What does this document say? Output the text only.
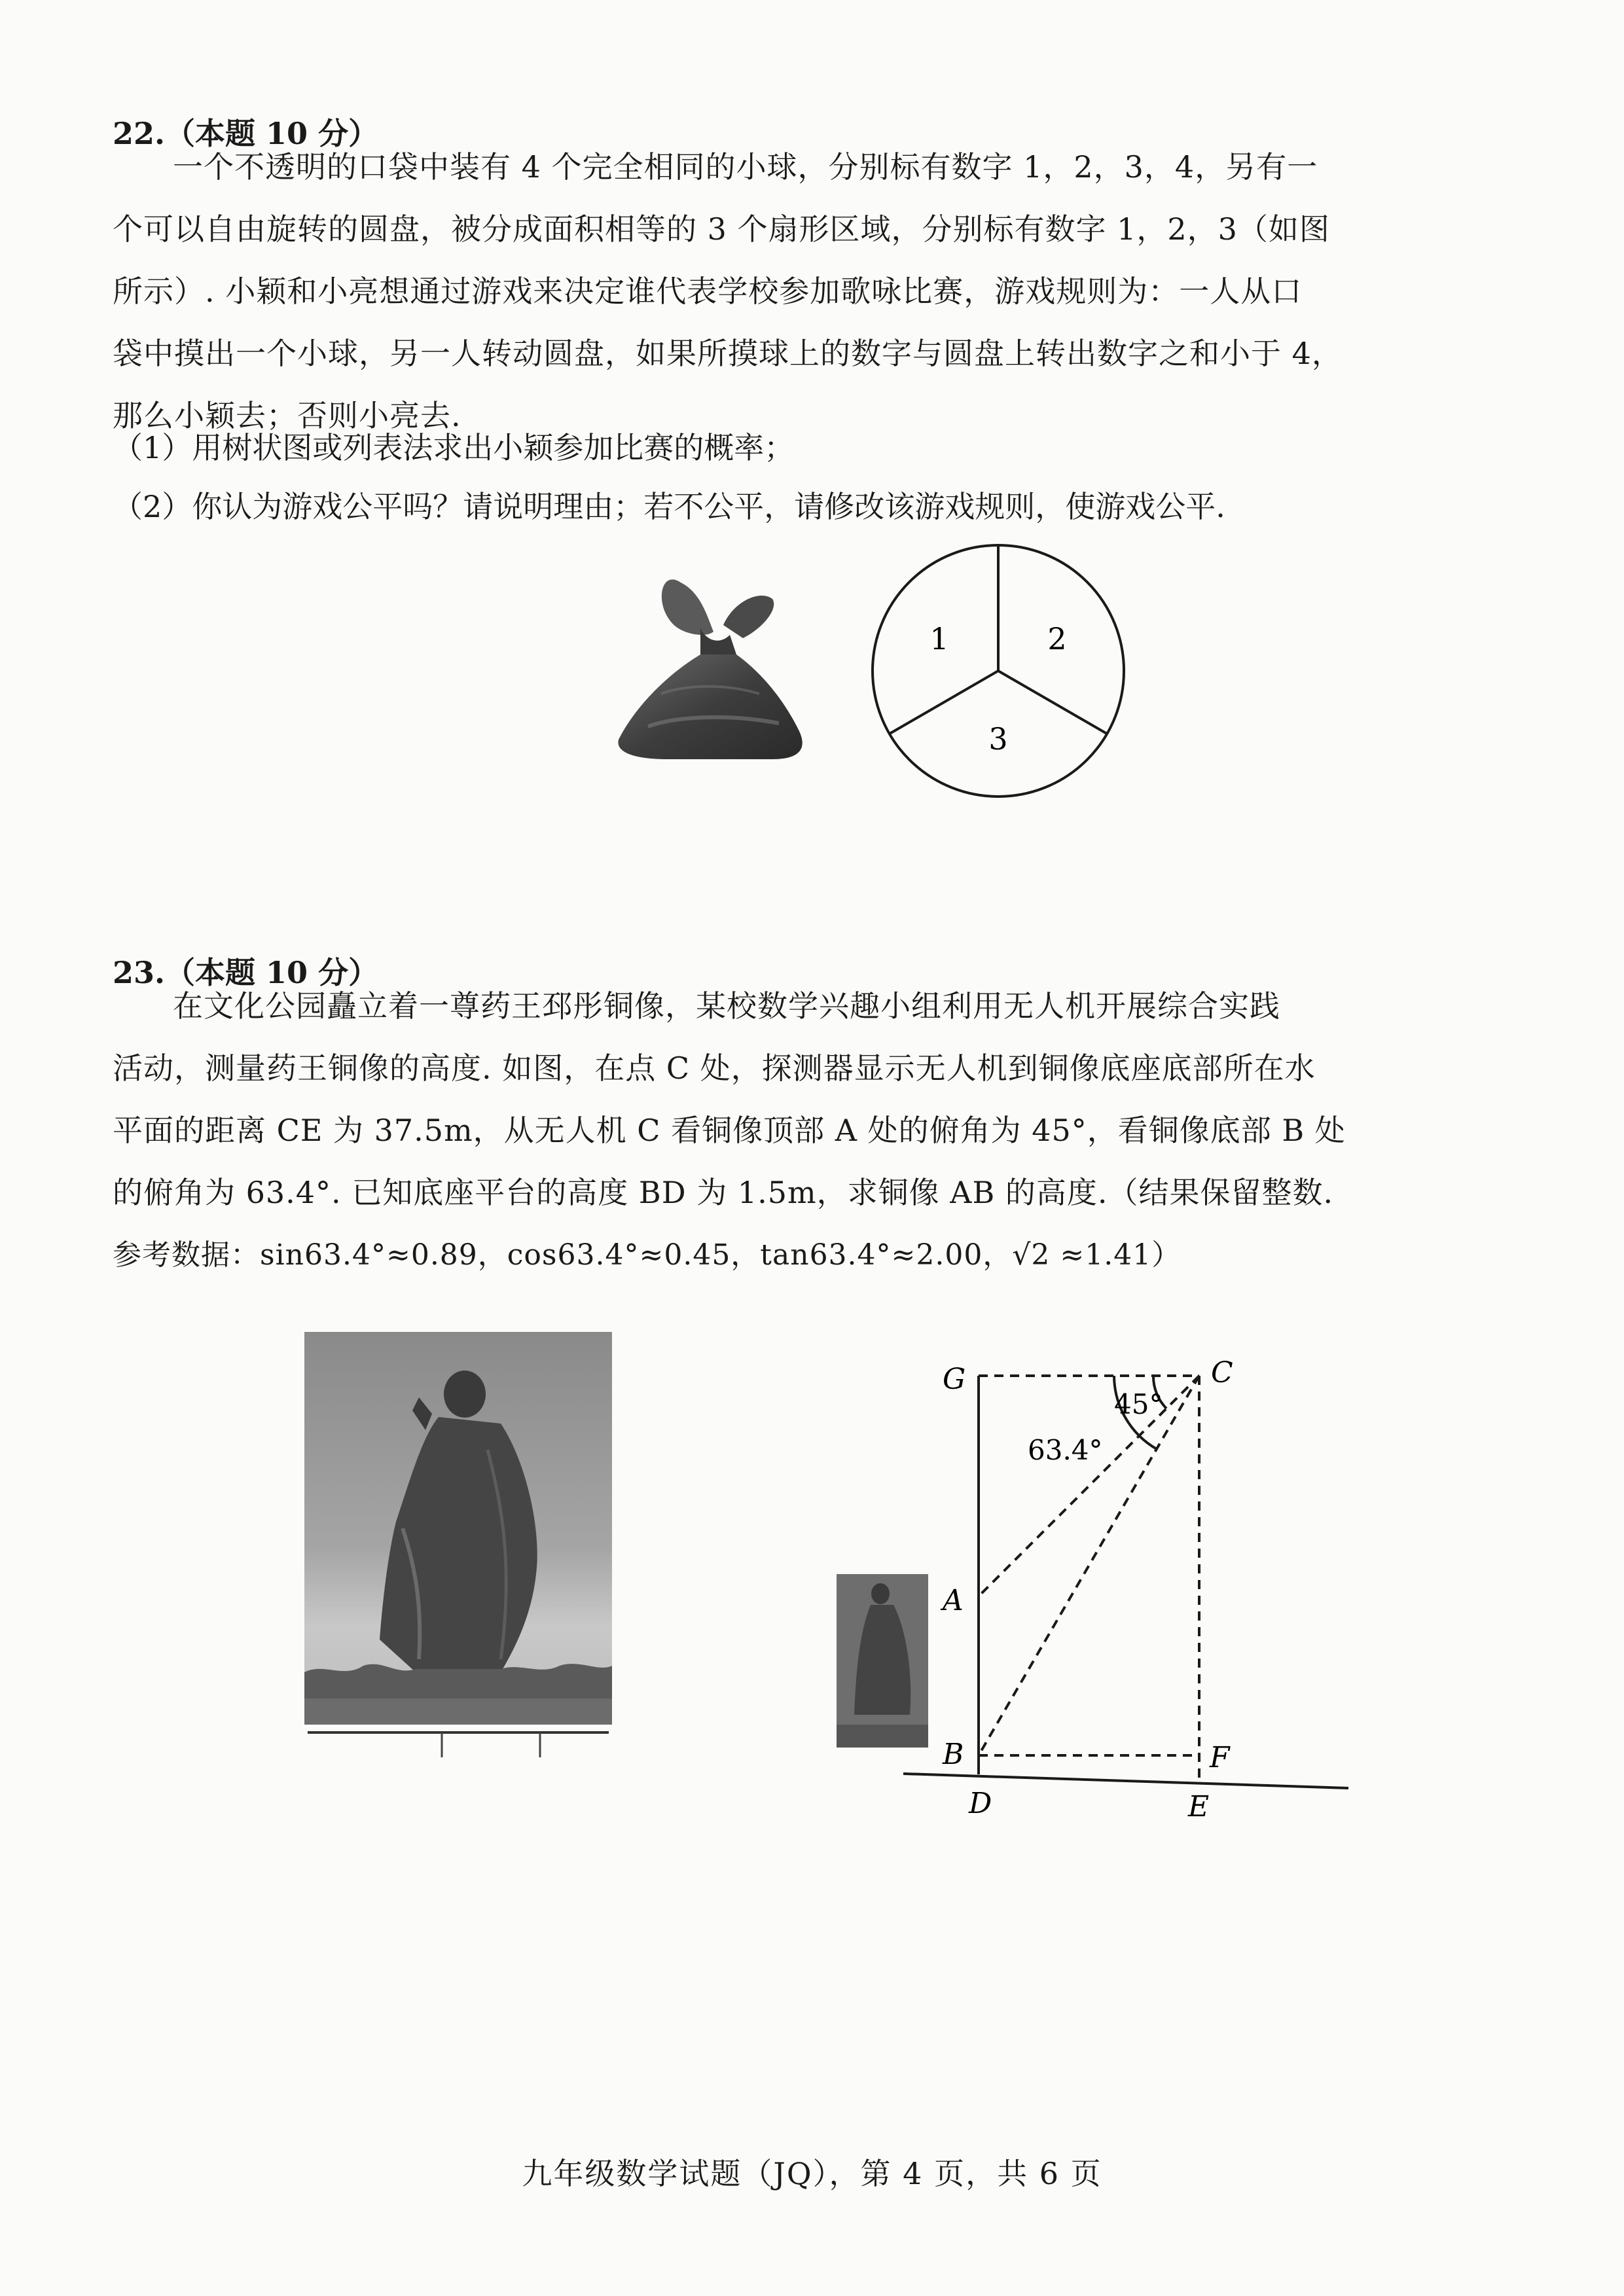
22.（本题 10 分）

一个不透明的口袋中装有 4 个完全相同的小球，分别标有数字 1，2，3，4，另有一

个可以自由旋转的圆盘，被分成面积相等的 3 个扇形区域，分别标有数字 1，2，3（如图

所示）. 小颖和小亮想通过游戏来决定谁代表学校参加歌咏比赛，游戏规则为：一人从口

袋中摸出一个小球，另一人转动圆盘，如果所摸球上的数字与圆盘上转出数字之和小于 4，

那么小颖去；否则小亮去.

（1）用树状图或列表法求出小颖参加比赛的概率；
（2）你认为游戏公平吗？请说明理由；若不公平，请修改该游戏规则，使游戏公平.
1	2
3
23.（本题 10 分）

在文化公园矗立着一尊药王邳彤铜像，某校数学兴趣小组利用无人机开展综合实践

活动，测量药王铜像的高度. 如图，在点 C 处，探测器显示无人机到铜像底座底部所在水

平面的距离 CE 为 37.5m，从无人机 C 看铜像顶部 A 处的俯角为 45°，看铜像底部 B 处

的俯角为 63.4°. 已知底座平台的高度 BD 为 1.5m，求铜像 AB 的高度.（结果保留整数.

参考数据：sin63.4°≈0.89，cos63.4°≈0.45，tan63.4°≈2.00，√2 ≈1.41）

45°
63.4°
G	C
A
B	F
D	E
九年级数学试题（JQ），第 4 页，共 6 页
